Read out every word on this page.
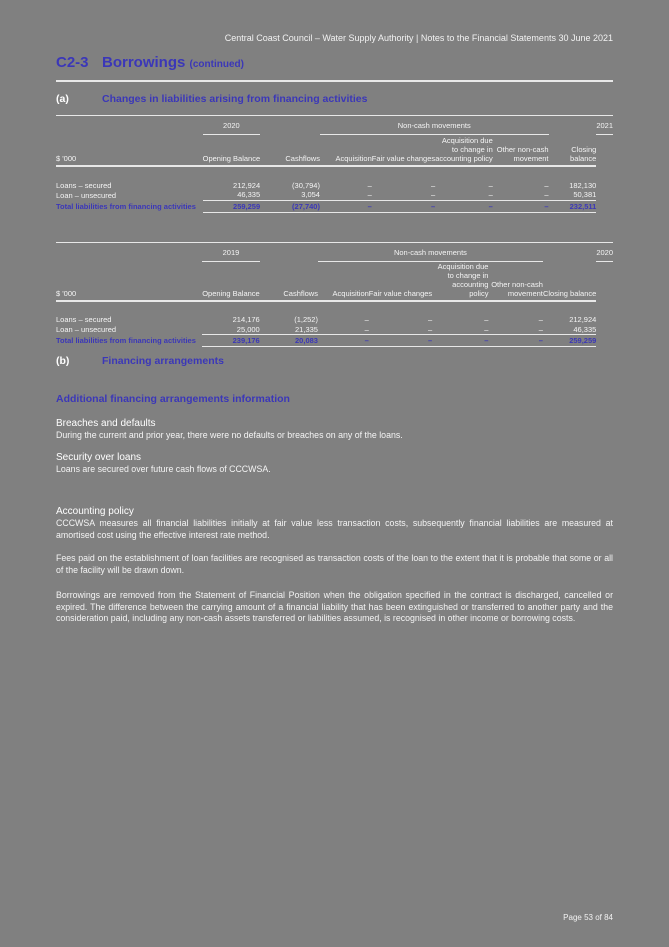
Central Coast Council – Water Supply Authority | Notes to the Financial Statements 30 June 2021
C2-3 Borrowings (continued)
(a)	Changes in liabilities arising from financing activities
	2020		Non-cash movements					2021
$ '000	Opening Balance	Cashflows	Acquisition	Fair value changes	Acquisition due to change in accounting policy	Other non-cash movement	Closing balance	

Loans – secured	212,924	(30,794)	–	–	–	–	182,130	
Loan – unsecured	46,335	3,054	–	–	–	–	50,381	
Total liabilities from financing activities	259,259	(27,740)	–	–	–	–	232,511	
	2019		Non-cash movements					2020
$ '000	Opening Balance	Cashflows	Acquisition	Fair value changes	Acquisition due to change in accounting policy	Other non-cash movement	Closing balance	

Loans – secured	214,176	(1,252)	–	–	–	–	212,924	
Loan – unsecured	25,000	21,335	–	–	–	–	46,335	
Total liabilities from financing activities	239,176	20,083	–	–	–	–	259,259	
(b)	Financing arrangements
Additional financing arrangements information
Breaches and defaults
During the current and prior year, there were no defaults or breaches on any of the loans.
Security over loans
Loans are secured over future cash flows of CCCWSA.
Accounting policy
CCCWSA measures all financial liabilities initially at fair value less transaction costs, subsequently financial liabilities are measured at amortised cost using the effective interest rate method.
Fees paid on the establishment of loan facilities are recognised as transaction costs of the loan to the extent that it is probable that some or all of the facility will be drawn down.
Borrowings are removed from the Statement of Financial Position when the obligation specified in the contract is discharged, cancelled or expired. The difference between the carrying amount of a financial liability that has been extinguished or transferred to another party and the consideration paid, including any non-cash assets transferred or liabilities assumed, is recognised in other income or borrowing costs.
Page 53 of 84
